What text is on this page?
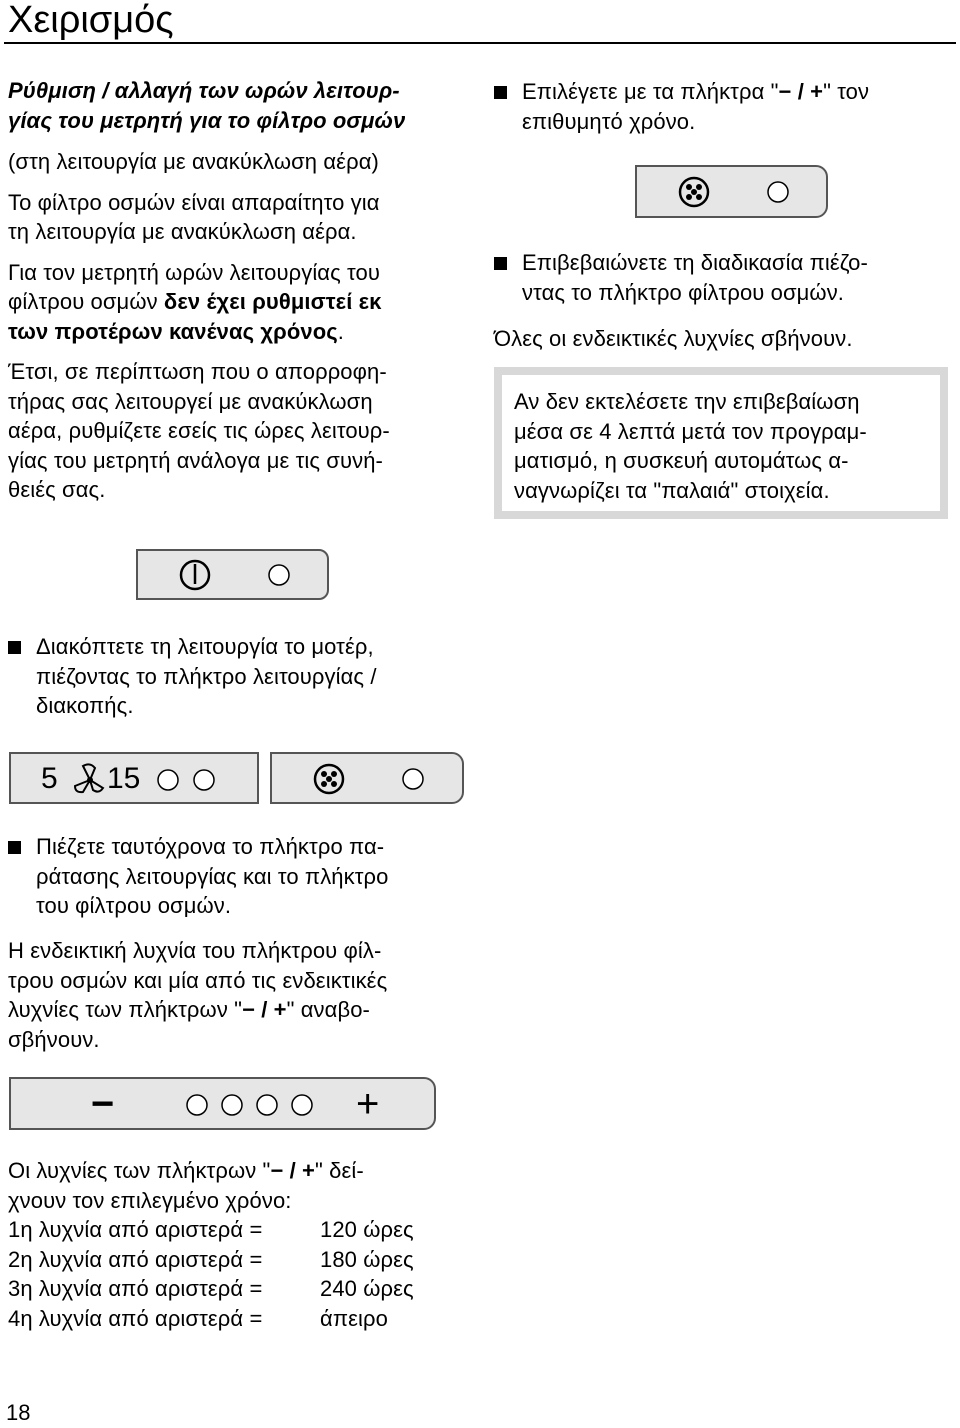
Χειρισμός
Ρύθμιση / αλλαγή των ωρών λειτουρ-
γίας του μετρητή για το φίλτρο οσμών
(στη λειτουργία με ανακύκλωση αέρα)
Το φίλτρο οσμών είναι απαραίτητο για
τη λειτουργία με ανακύκλωση αέρα.
Για τον μετρητή ωρών λειτουργίας του
φίλτρου οσμών δεν έχει ρυθμιστεί εκ
των προτέρων κανένας χρόνος.
Έτσι, σε περίπτωση που ο απορροφη-
τήρας σας λειτουργεί με ανακύκλωση
αέρα, ρυθμίζετε εσείς τις ώρες λειτουρ-
γίας του μετρητή ανάλογα με τις συνή-
θειές σας.
Διακόπτετε τη λειτουργία το μοτέρ,
πιέζοντας το πλήκτρο λειτουργίας /
διακοπής.
5 15
Πιέζετε ταυτόχρονα το πλήκτρο πα-
ράτασης λειτουργίας και το πλήκτρο
του φίλτρου οσμών.
Η ενδεικτική λυχνία του πλήκτρου φίλ-
τρου οσμών και μία από τις ενδεικτικές
λυχνίες των πλήκτρων "− / +" αναβο-
σβήνουν.
−	+
Οι λυχνίες των πλήκτρων "− / +" δεί-
χνουν τον επιλεγμένο χρόνο:
1η λυχνία από αριστερά =	120 ώρες
2η λυχνία από αριστερά =	180 ώρες
3η λυχνία από αριστερά =	240 ώρες
4η λυχνία από αριστερά =	άπειρο
Επιλέγετε με τα πλήκτρα "− / +" τον
επιθυμητό χρόνο.
Επιβεβαιώνετε τη διαδικασία πιέζο-
ντας το πλήκτρο φίλτρου οσμών.
Όλες οι ενδεικτικές λυχνίες σβήνουν.
Αν δεν εκτελέσετε την επιβεβαίωση
μέσα σε 4 λεπτά μετά τον προγραμ-
ματισμό, η συσκευή αυτομάτως α-
ναγνωρίζει τα "παλαιά" στοιχεία.
18
